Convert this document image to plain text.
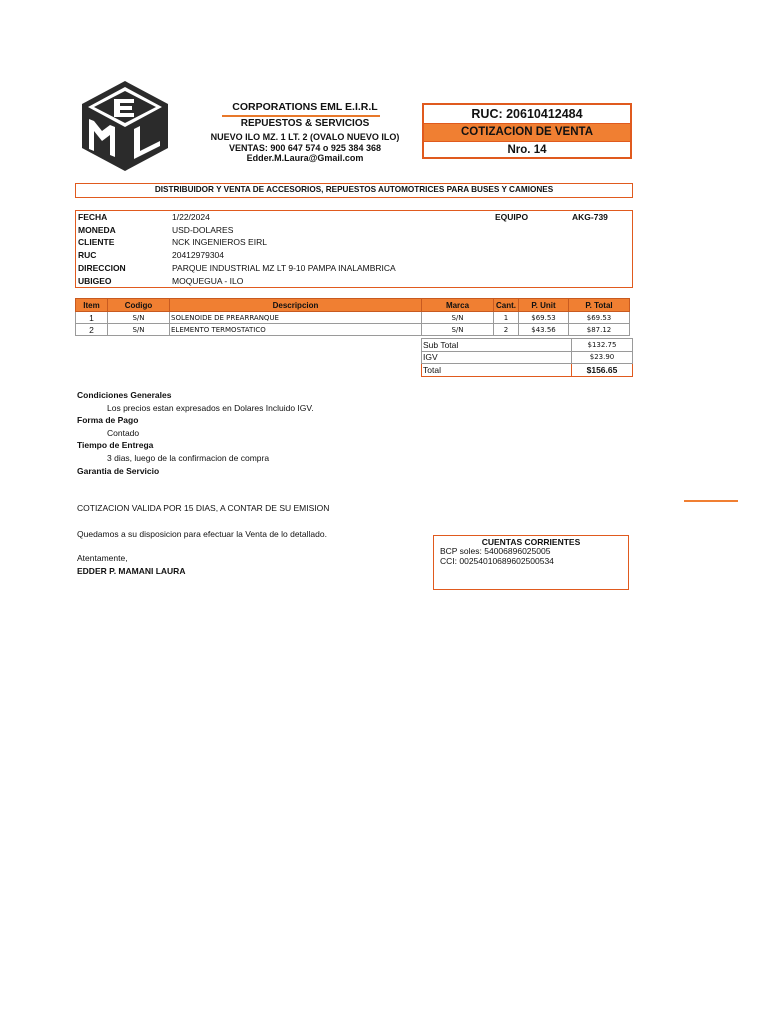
CORPORATIONS EML E.I.R.L
REPUESTOS & SERVICIOS
NUEVO ILO MZ. 1 LT. 2 (OVALO NUEVO ILO)
VENTAS: 900 647 574 o 925 384 368
Edder.M.Laura@Gmail.com
RUC: 20610412484
COTIZACION DE VENTA
Nro. 14
DISTRIBUIDOR Y VENTA DE ACCESORIOS, REPUESTOS AUTOMOTRICES PARA BUSES Y CAMIONES
FECHA	1/22/2024	EQUIPO	AKG-739
MONEDA	USD-DOLARES
CLIENTE	NCK INGENIEROS EIRL
RUC	20412979304
DIRECCION	PARQUE INDUSTRIAL MZ LT 9-10 PAMPA INALAMBRICA
UBIGEO	MOQUEGUA - ILO
Item	Codigo	Descripcion	Marca	Cant.	P. Unit	P. Total
1	S/N	SOLENOIDE DE PREARRANQUE	S/N	1	$69.53	$69.53
2	S/N	ELEMENTO TERMOSTATICO	S/N	2	$43.56	$87.12
Sub Total	$132.75
IGV	$23.90
Total	$156.65
Condiciones Generales
Los precios estan expresados en Dolares Incluido IGV.
Forma de Pago
Contado
Tiempo de Entrega
3 dias, luego de la confirmacion de compra
Garantia de Servicio
COTIZACION VALIDA POR 15 DIAS, A CONTAR DE SU EMISION
Quedamos a su disposicion para efectuar la Venta de lo detallado.
Atentamente,
EDDER P. MAMANI LAURA
CUENTAS CORRIENTES
BCP soles: 54006896025005
CCI: 00254010689602500534
